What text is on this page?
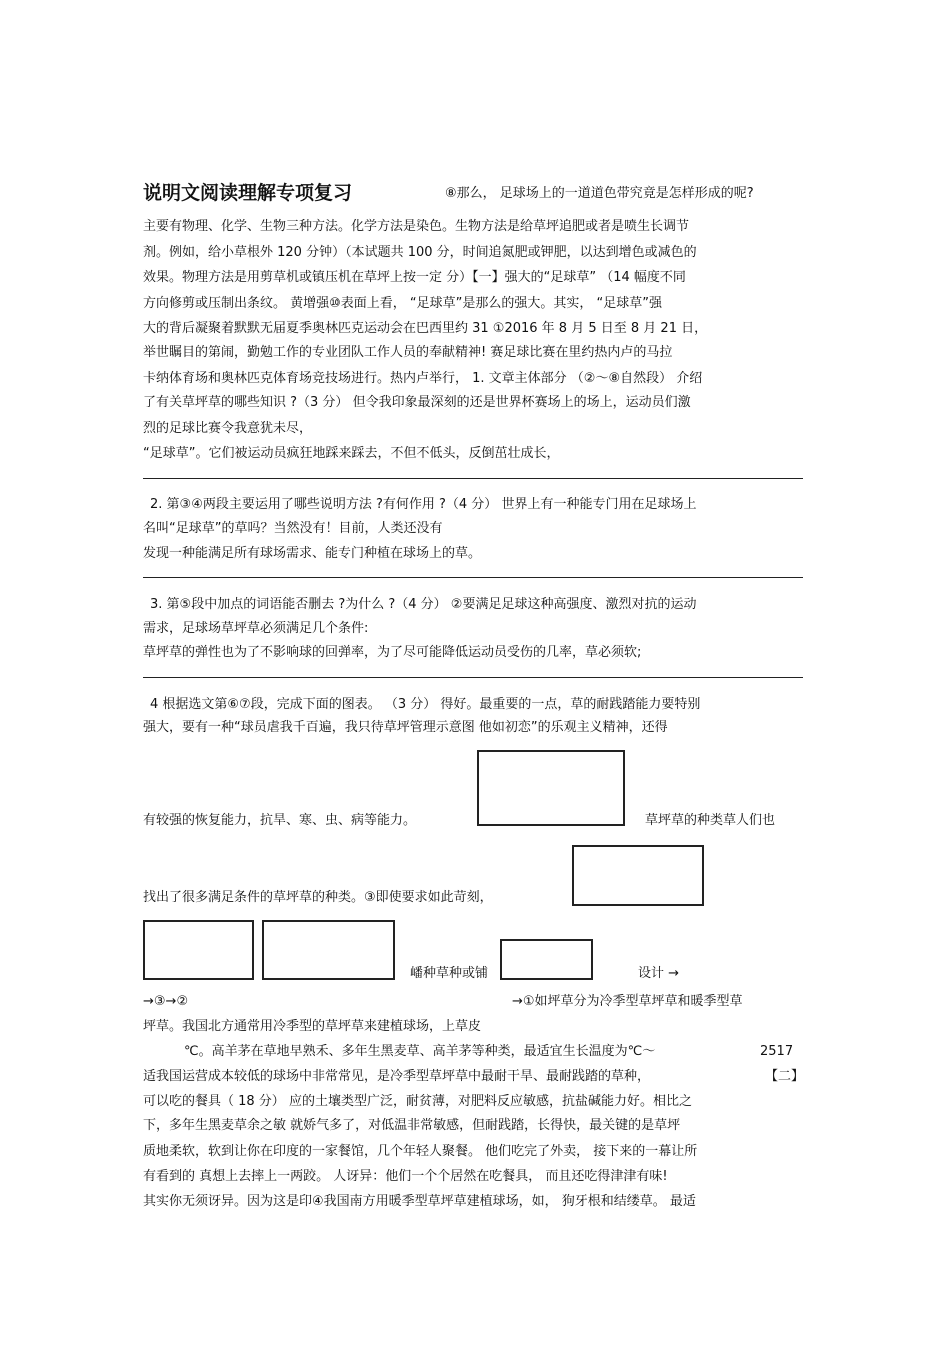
说明文阅读理解专项复习	⑧那么， 足球场上的一道道色带究竟是怎样形成的呢?
主要有物理、化学、生物三种方法。化学方法是染色。生物方法是给草坪追肥或者是喷生长调节
剂。例如，给小草根外 120 分钟）（本试题共 100 分，时间追氮肥或钾肥，以达到增色或减色的
效果。物理方法是用剪草机或镇压机在草坪上按一定 分）【一】强大的“足球草” （14 幅度不同
方向修剪或压制出条纹。 黄增强⑩表面上看， “足球草”是那么的强大。其实， “足球草”强
大的背后凝聚着默默无届夏季奥林匹克运动会在巴西里约 31 ①2016 年 8 月 5 日至 8 月 21 日，
举世瞩目的第闹，勤勉工作的专业团队工作人员的奉献精神! 赛足球比赛在里约热内卢的马拉
卡纳体育场和奥林匹克体育场竞技场进行。热内卢举行， 1. 文章主体部分 （②～⑧自然段） 介绍
了有关草坪草的哪些知识 ?（3 分） 但令我印象最深刻的还是世界杯赛场上的场上，运动员们激
烈的足球比赛令我意犹未尽，
“足球草”。它们被运动员疯狂地踩来踩去，不但不低头，反倒茁壮成长，
2. 第③④两段主要运用了哪些说明方法 ?有何作用 ?（4 分） 世界上有一种能专门用在足球场上
名叫“足球草”的草吗？当然没有！目前，人类还没有
发现一种能满足所有球场需求、能专门种植在球场上的草。
3. 第⑤段中加点的词语能否删去 ?为什么 ?（4 分） ②要满足足球这种高强度、激烈对抗的运动
需求，足球场草坪草必须满足几个条件:
草坪草的弹性也为了不影响球的回弹率，为了尽可能降低运动员受伤的几率，草必须软;
4 根据选文第⑥⑦段，完成下面的图表。 （3 分） 得好。最重要的一点，草的耐践踏能力要特别
强大，要有一种“球员虐我千百遍，我只待草坪管理示意图 他如初恋”的乐观主义精神，还得
有较强的恢复能力，抗旱、寒、虫、病等能力。	草坪草的种类草人们也
找出了很多满足条件的草坪草的种类。③即使要求如此苛刻，
嶓种草种或铺	设计 →
→③→②	→①如坪草分为冷季型草坪草和暖季型草
坪草。我国北方通常用冷季型的草坪草来建植球场，上草皮
℃。高羊茅在草地早熟禾、多年生黑麦草、高羊茅等种类，最适宜生长温度为℃～	2517
适我国运营成本较低的球场中非常常见，是冷季型草坪草中最耐干旱、最耐践踏的草种，	【二】
可以吃的餐具（ 18 分） 应的土壤类型广泛，耐贫薄，对肥料反应敏感，抗盐碱能力好。相比之
下，多年生黑麦草余之敏 就娇气多了，对低温非常敏感，但耐践踏，长得快，最关键的是草坪
质地柔软，软到让你在印度的一家餐馆，几个年轻人聚餐。 他们吃完了外卖， 接下来的一幕让所
有看到的 真想上去摔上一两跤。 人讶异：他们一个个居然在吃餐具， 而且还吃得津津有味!
其实你无须讶异。因为这是印④我国南方用暖季型草坪草建植球场，如， 狗牙根和结缕草。 最适
